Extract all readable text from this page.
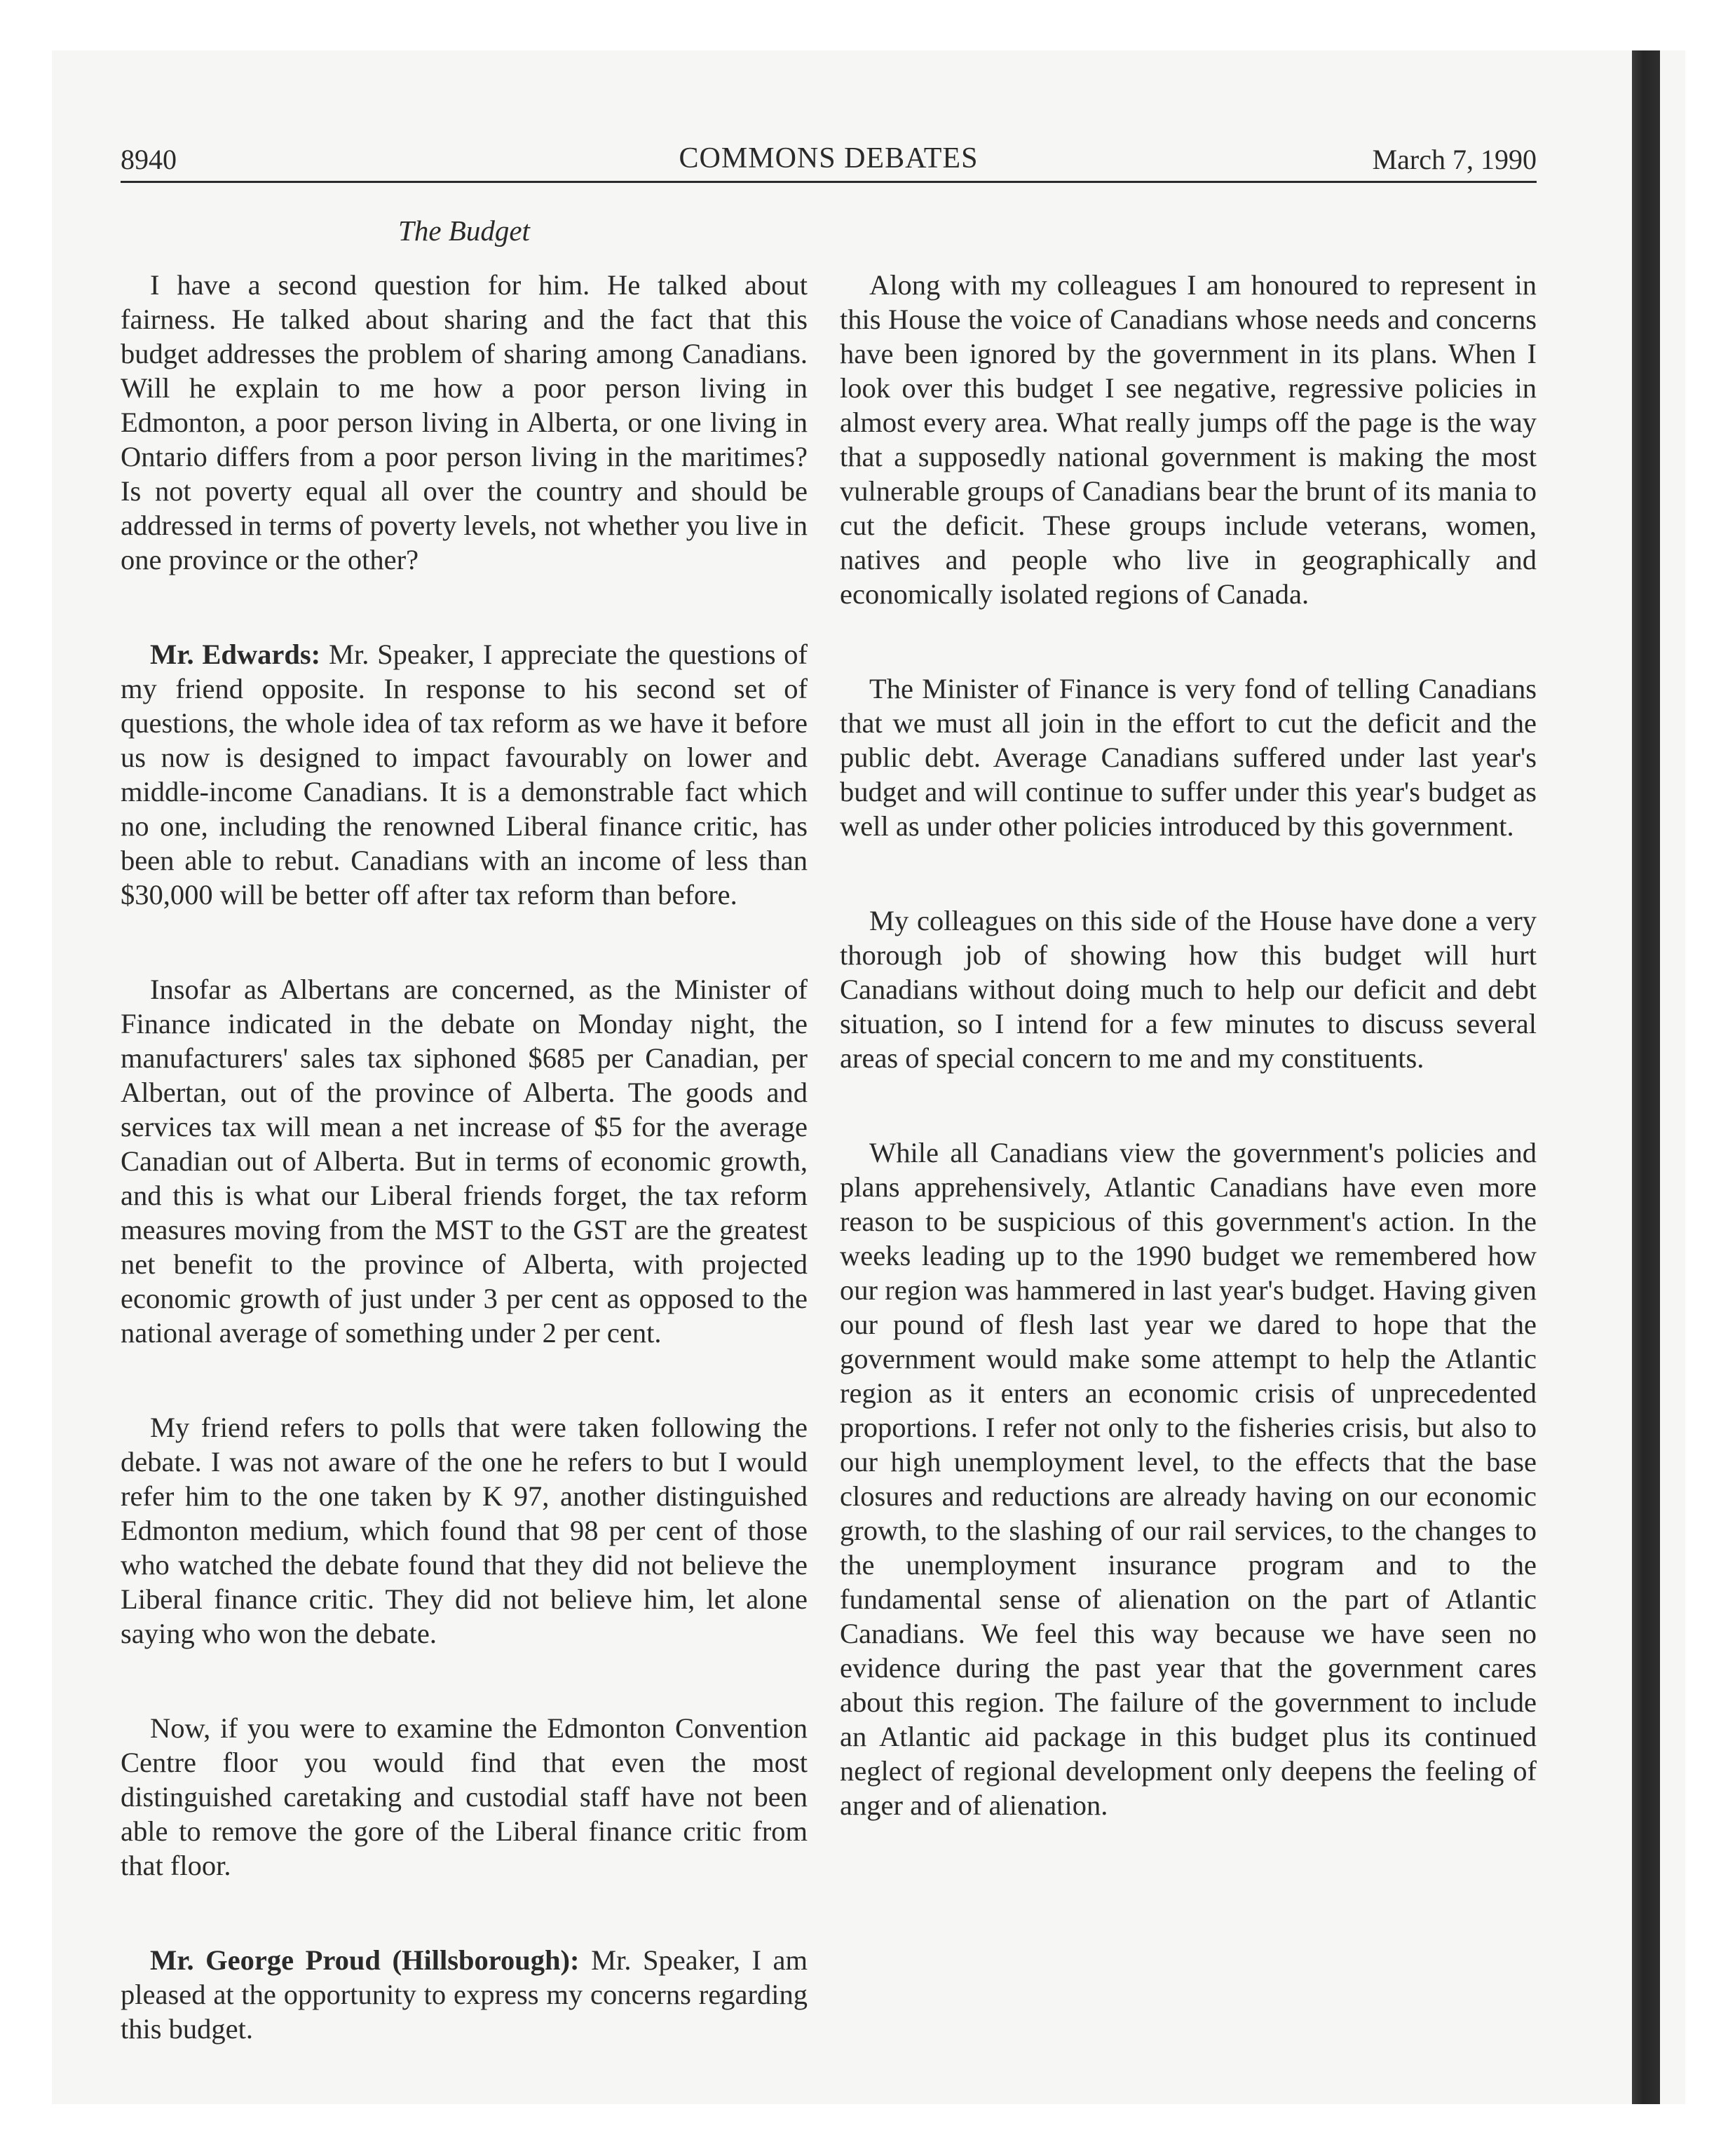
8940	COMMONS DEBATES	March 7, 1990
The Budget

I have a second question for him. He talked about fairness. He talked about sharing and the fact that this budget addresses the problem of sharing among Canadians. Will he explain to me how a poor person living in Edmonton, a poor person living in Alberta, or one living in Ontario differs from a poor person living in the maritimes? Is not poverty equal all over the country and should be addressed in terms of poverty levels, not whether you live in one province or the other?

Mr. Edwards: Mr. Speaker, I appreciate the questions of my friend opposite. In response to his second set of questions, the whole idea of tax reform as we have it before us now is designed to impact favourably on lower and middle-income Canadians. It is a demonstrable fact which no one, including the renowned Liberal finance critic, has been able to rebut. Canadians with an income of less than $30,000 will be better off after tax reform than before.

Insofar as Albertans are concerned, as the Minister of Finance indicated in the debate on Monday night, the manufacturers' sales tax siphoned $685 per Canadian, per Albertan, out of the province of Alberta. The goods and services tax will mean a net increase of $5 for the average Canadian out of Alberta. But in terms of economic growth, and this is what our Liberal friends forget, the tax reform measures moving from the MST to the GST are the greatest net benefit to the province of Alberta, with projected economic growth of just under 3 per cent as opposed to the national average of something under 2 per cent.

My friend refers to polls that were taken following the debate. I was not aware of the one he refers to but I would refer him to the one taken by K 97, another distinguished Edmonton medium, which found that 98 per cent of those who watched the debate found that they did not believe the Liberal finance critic. They did not believe him, let alone saying who won the debate.

Now, if you were to examine the Edmonton Convention Centre floor you would find that even the most distinguished caretaking and custodial staff have not been able to remove the gore of the Liberal finance critic from that floor.

Mr. George Proud (Hillsborough): Mr. Speaker, I am pleased at the opportunity to express my concerns regarding this budget.

Along with my colleagues I am honoured to represent in this House the voice of Canadians whose needs and concerns have been ignored by the government in its plans. When I look over this budget I see negative, regressive policies in almost every area. What really jumps off the page is the way that a supposedly national government is making the most vulnerable groups of Canadians bear the brunt of its mania to cut the deficit. These groups include veterans, women, natives and people who live in geographically and economically isolated regions of Canada.

The Minister of Finance is very fond of telling Canadians that we must all join in the effort to cut the deficit and the public debt. Average Canadians suffered under last year's budget and will continue to suffer under this year's budget as well as under other policies introduced by this government.

My colleagues on this side of the House have done a very thorough job of showing how this budget will hurt Canadians without doing much to help our deficit and debt situation, so I intend for a few minutes to discuss several areas of special concern to me and my constituents.

While all Canadians view the government's policies and plans apprehensively, Atlantic Canadians have even more reason to be suspicious of this government's action. In the weeks leading up to the 1990 budget we remembered how our region was hammered in last year's budget. Having given our pound of flesh last year we dared to hope that the government would make some attempt to help the Atlantic region as it enters an economic crisis of unprecedented proportions. I refer not only to the fisheries crisis, but also to our high unemployment level, to the effects that the base closures and reductions are already having on our economic growth, to the slashing of our rail services, to the changes to the unemployment insurance program and to the fundamental sense of alienation on the part of Atlantic Canadians. We feel this way because we have seen no evidence during the past year that the government cares about this region. The failure of the government to include an Atlantic aid package in this budget plus its continued neglect of regional development only deepens the feeling of anger and of alienation.
